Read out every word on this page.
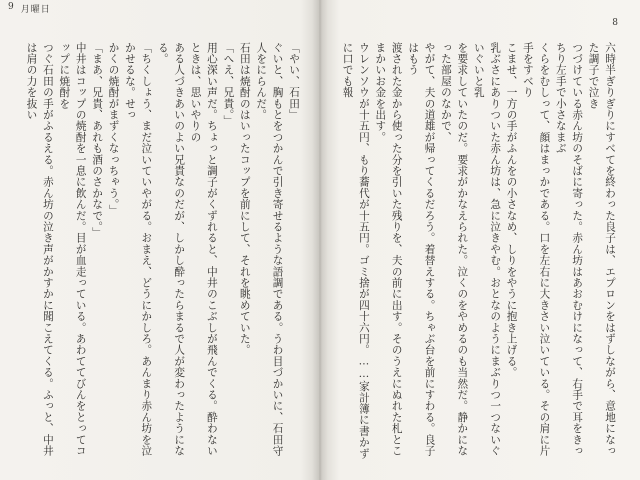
9 月曜日
「やい、石田」
ぐいと、胸もとをつかんで引き寄せるような語調である。うわ目づかいに、石田守人をにらんだ。
石田は焼酎のはいったコップを前にして、それを眺めていた。
「へえ、兄貴。」
用心深い声だ。ちょっと調子がくずれると、中井のこぶしが飛んでくる。酔わないときは、思いやりの
ある人づきあいのよい兄貴なのだが、しかし酔ったらまるで人が変わったようになる。
「ちくしょう、まだ泣いていやがる。おまえ、どうにかしろ。あんまり赤ん坊を泣かせるな。せっ
かくの焼酎がまずくなっちゃう。」
「まあ、兄貴、あれも酒のさかなで。」
中井はコップの焼酎を一息に飲んだ。目が血走っている。あわててびんをとってコップに焼酎を
つぐ石田の手がふるえる。赤ん坊の泣き声がかすかに聞こえてくる。ふっと、中井は肩の力を抜い
8
六時半ぎりぎりにすべてを終わった良子は、エプロンをはずしながら、意地になった調子で泣き
つづけている赤ん坊のそばに寄った。赤ん坊はあおむけになって、右手で耳をきっちり左手で小さなまぶ
くらをむしって、顔はまっかである。口を左右に大きさい泣いている。その肩に片手をすべり
こませ、一方の手がふんをの小さなめ、しりをやうに抱き上げる。
乳ぶさにありついた赤ん坊は、急に泣きやむ。おとなのようにまぶりつ一つないぐいぐいと乳
を要求していたのだ。要求がかなえられた。泣くのをやめるのも当然だ。静かになった部屋のなかで、
やがて、夫の道雄が帰ってくるだろう。着替えする。ちゃぶ台を前にすわる。良子はもう
渡された金から使った分を引いた残りを、夫の前に出す。そのうえにぬれた札とこまかいお金を出す。
ウレンソウが十五円、もり蕎代が十五円。ゴミ捨が四十六円。……家計簿に書かずに口でも報
